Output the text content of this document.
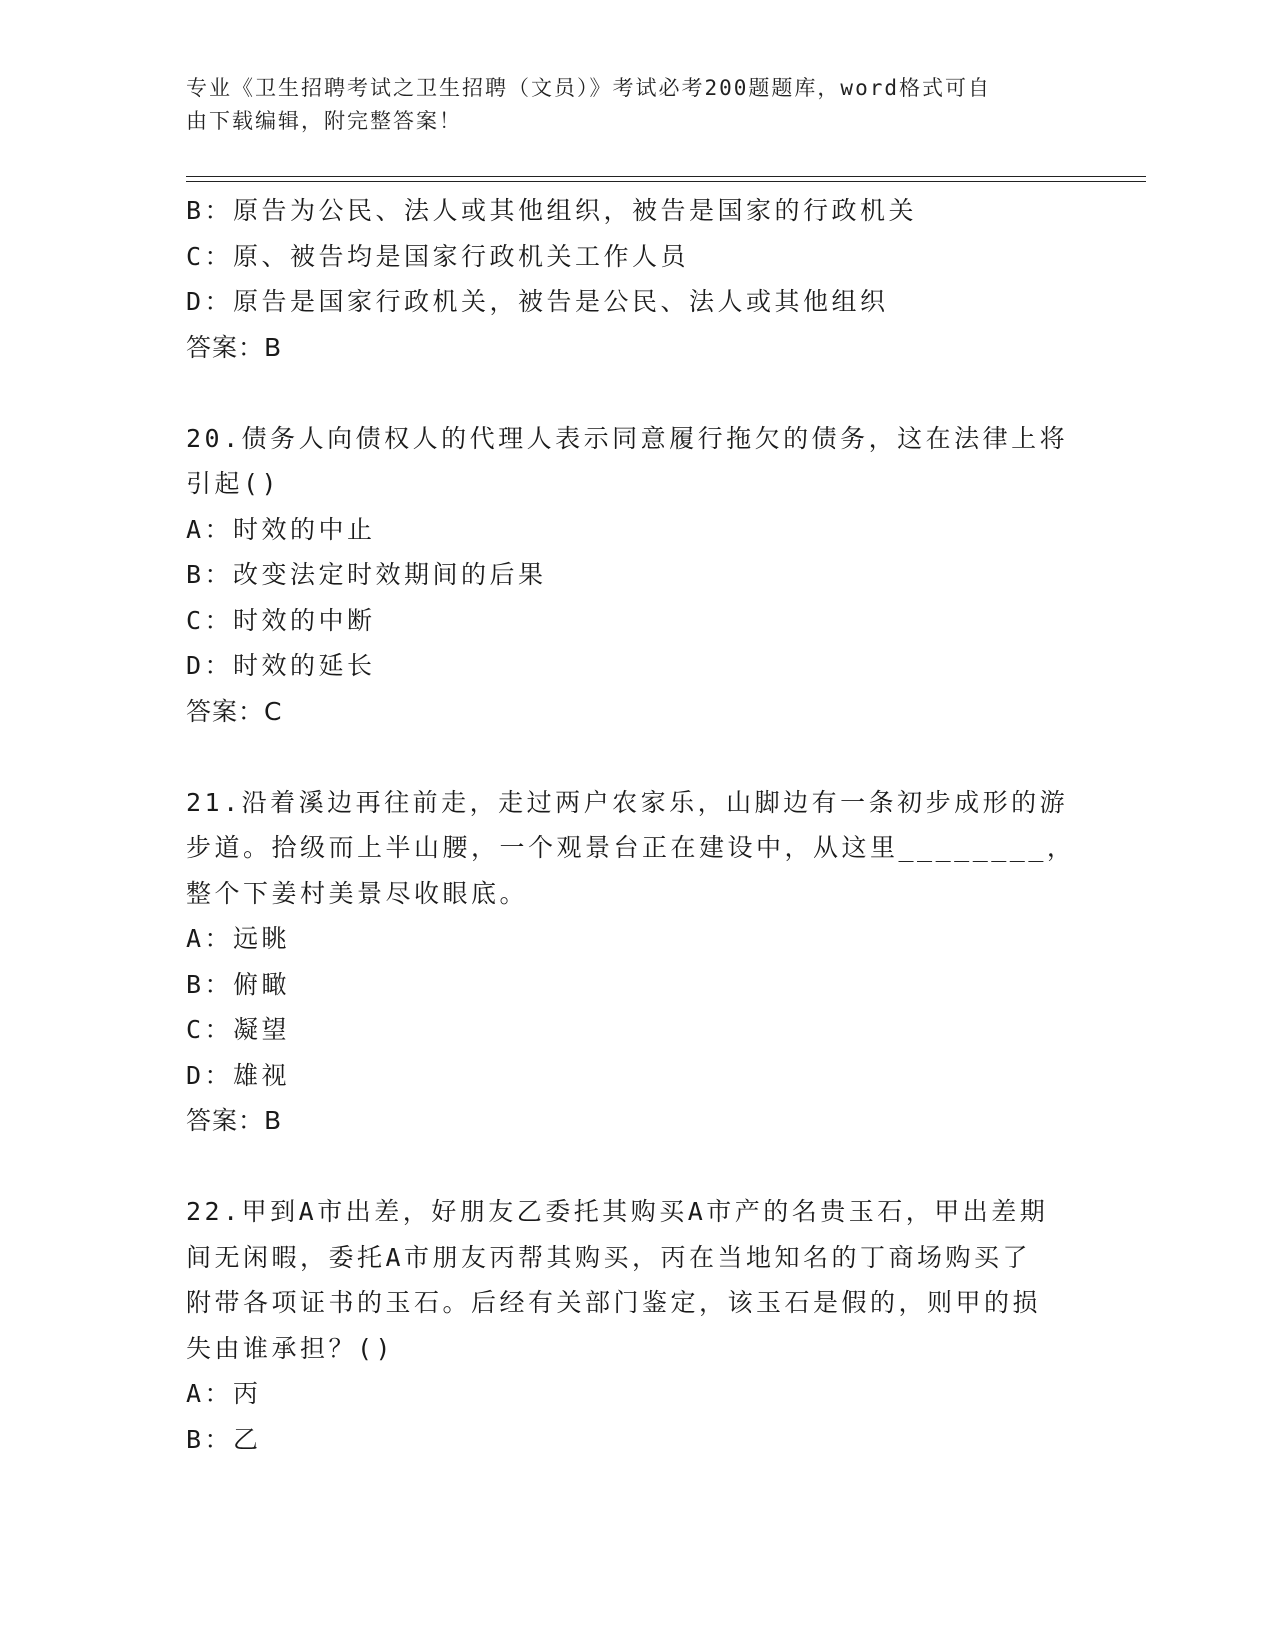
专业《卫生招聘考试之卫生招聘（文员）》考试必考200题题库，word格式可自
由下载编辑，附完整答案！
B：原告为公民、法人或其他组织，被告是国家的行政机关
C：原、被告均是国家行政机关工作人员
D：原告是国家行政机关，被告是公民、法人或其他组织
答案：B
20.债务人向债权人的代理人表示同意履行拖欠的债务，这在法律上将
引起()
A：时效的中止
B：改变法定时效期间的后果
C：时效的中断
D：时效的延长
答案：C
21.沿着溪边再往前走，走过两户农家乐，山脚边有一条初步成形的游
步道。拾级而上半山腰，一个观景台正在建设中，从这里________，
整个下姜村美景尽收眼底。
A：远眺
B：俯瞰
C：凝望
D：雄视
答案：B
22.甲到A市出差，好朋友乙委托其购买A市产的名贵玉石，甲出差期
间无闲暇，委托A市朋友丙帮其购买，丙在当地知名的丁商场购买了
附带各项证书的玉石。后经有关部门鉴定，该玉石是假的，则甲的损
失由谁承担？()
A：丙
B：乙
